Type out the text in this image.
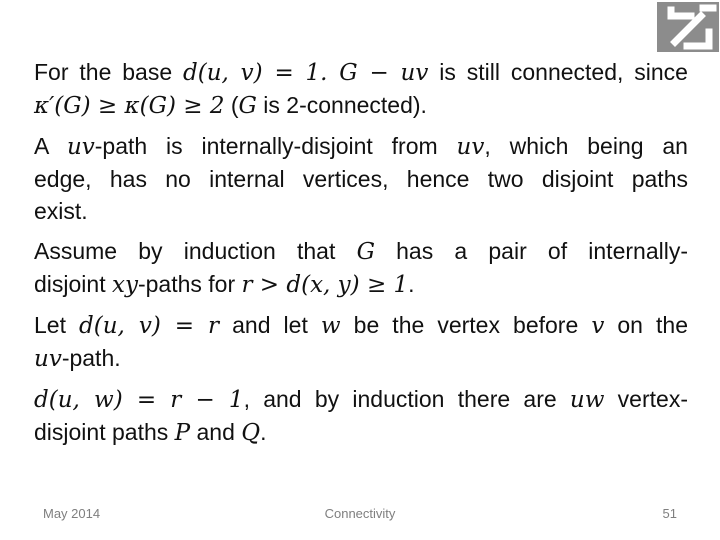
For the base d(u, v) = 1. G − uv is still connected, since
κ′(G) ≥ κ(G) ≥ 2 (G is 2-connected).
A uv-path is internally-disjoint from uv, which being an
edge, has no internal vertices, hence two disjoint paths
exist.
Assume by induction that G has a pair of internally-
disjoint xy-paths for r > d(x, y) ≥ 1.
Let d(u, v) = r and let w be the vertex before v on the
uv-path.
d(u, w) = r − 1, and by induction there are uw vertex-
disjoint paths P and Q.
May 2014	Connectivity	51
